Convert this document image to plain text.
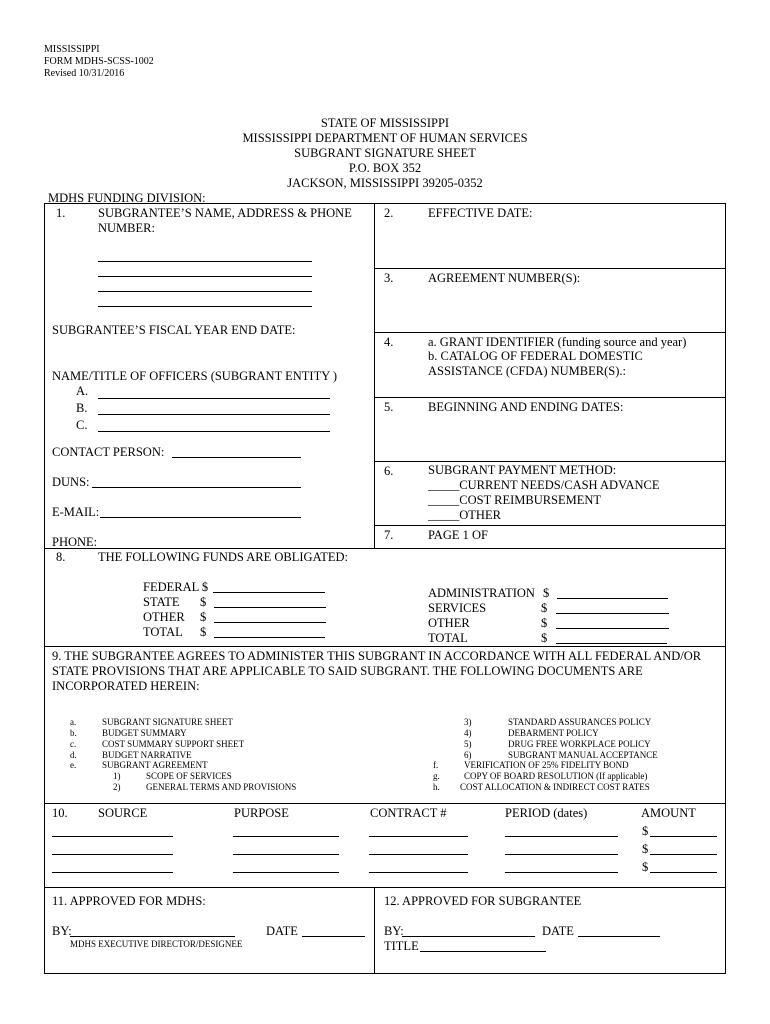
MISSISSIPPI
FORM MDHS-SCSS-1002
Revised 10/31/2016
STATE OF MISSISSIPPI
MISSISSIPPI DEPARTMENT OF HUMAN SERVICES
SUBGRANT SIGNATURE SHEET
P.O. BOX 352
JACKSON, MISSISSIPPI 39205-0352
MDHS FUNDING DIVISION:
1.	SUBGRANTEE’S NAME, ADDRESS & PHONE
NUMBER:
SUBGRANTEE’S FISCAL YEAR END DATE:
NAME/TITLE OF OFFICERS (SUBGRANT ENTITY )
A.
B.
C.
CONTACT PERSON:
DUNS:
E-MAIL:
PHONE:
2.	EFFECTIVE DATE:
3.	AGREEMENT NUMBER(S):
4.	a. GRANT IDENTIFIER (funding source and year)
b. CATALOG OF FEDERAL DOMESTIC
ASSISTANCE (CFDA) NUMBER(S).:
5.	BEGINNING AND ENDING DATES:
6.	SUBGRANT PAYMENT METHOD:
_____CURRENT NEEDS/CASH ADVANCE
_____COST REIMBURSEMENT
_____OTHER
7.	PAGE 1 OF
8.	THE FOLLOWING FUNDS ARE OBLIGATED:
FEDERAL $
STATE $
OTHER $
TOTAL $
ADMINISTRATION $
SERVICES	$
OTHER	$
TOTAL	$
9. THE SUBGRANTEE AGREES TO ADMINISTER THIS SUBGRANT IN ACCORDANCE WITH ALL FEDERAL AND/OR
STATE PROVISIONS THAT ARE APPLICABLE TO SAID SUBGRANT. THE FOLLOWING DOCUMENTS ARE
INCORPORATED HEREIN:
a.	SUBGRANT SIGNATURE SHEET
b.	BUDGET SUMMARY
c.	COST SUMMARY SUPPORT SHEET
d.	BUDGET NARRATIVE
e.	SUBGRANT AGREEMENT
1)	SCOPE OF SERVICES
2)	GENERAL TERMS AND PROVISIONS
3)	STANDARD ASSURANCES POLICY
4)	DEBARMENT POLICY
5)	DRUG FREE WORKPLACE POLICY
6)	SUBGRANT MANUAL ACCEPTANCE
f.	VERIFICATION OF 25% FIDELITY BOND
g.	COPY OF BOARD RESOLUTION (If applicable)
h. COST ALLOCATION & INDIRECT COST RATES
10. SOURCE	PURPOSE	CONTRACT #	PERIOD (dates)	AMOUNT
$
$
$
11. APPROVED FOR MDHS:
BY:	DATE
MDHS EXECUTIVE DIRECTOR/DESIGNEE
12. APPROVED FOR SUBGRANTEE
BY:	DATE
TITLE
